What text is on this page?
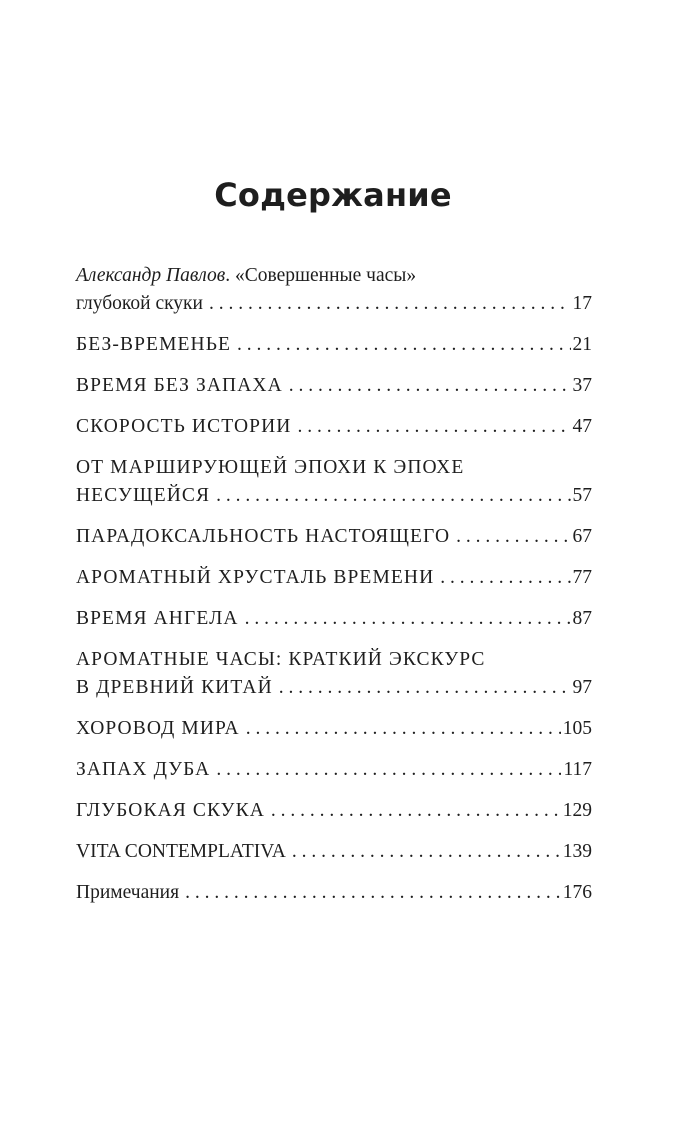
Содержание
Александр Павлов. «Совершенные часы»
глубокой скуки . . .	17
БЕЗ-ВРЕМЕНЬЕ . . .	21
ВРЕМЯ БЕЗ ЗАПАХА . . .	37
СКОРОСТЬ ИСТОРИИ . . .	47
ОТ МАРШИРУЮЩЕЙ ЭПОХИ К ЭПОХЕ
НЕСУЩЕЙСЯ . . .	57
ПАРАДОКСАЛЬНОСТЬ НАСТОЯЩЕГО . . .	67
АРОМАТНЫЙ ХРУСТАЛЬ ВРЕМЕНИ . . .	77
ВРЕМЯ АНГЕЛА . . .	87
АРОМАТНЫЕ ЧАСЫ: КРАТКИЙ ЭКСКУРС
В ДРЕВНИЙ КИТАЙ . . .	97
ХОРОВОД МИРА . . .	105
ЗАПАХ ДУБА . . .	117
ГЛУБОКАЯ СКУКА . . .	129
VITA CONTEMPLATIVA . . .	139
Примечания . . .	176
